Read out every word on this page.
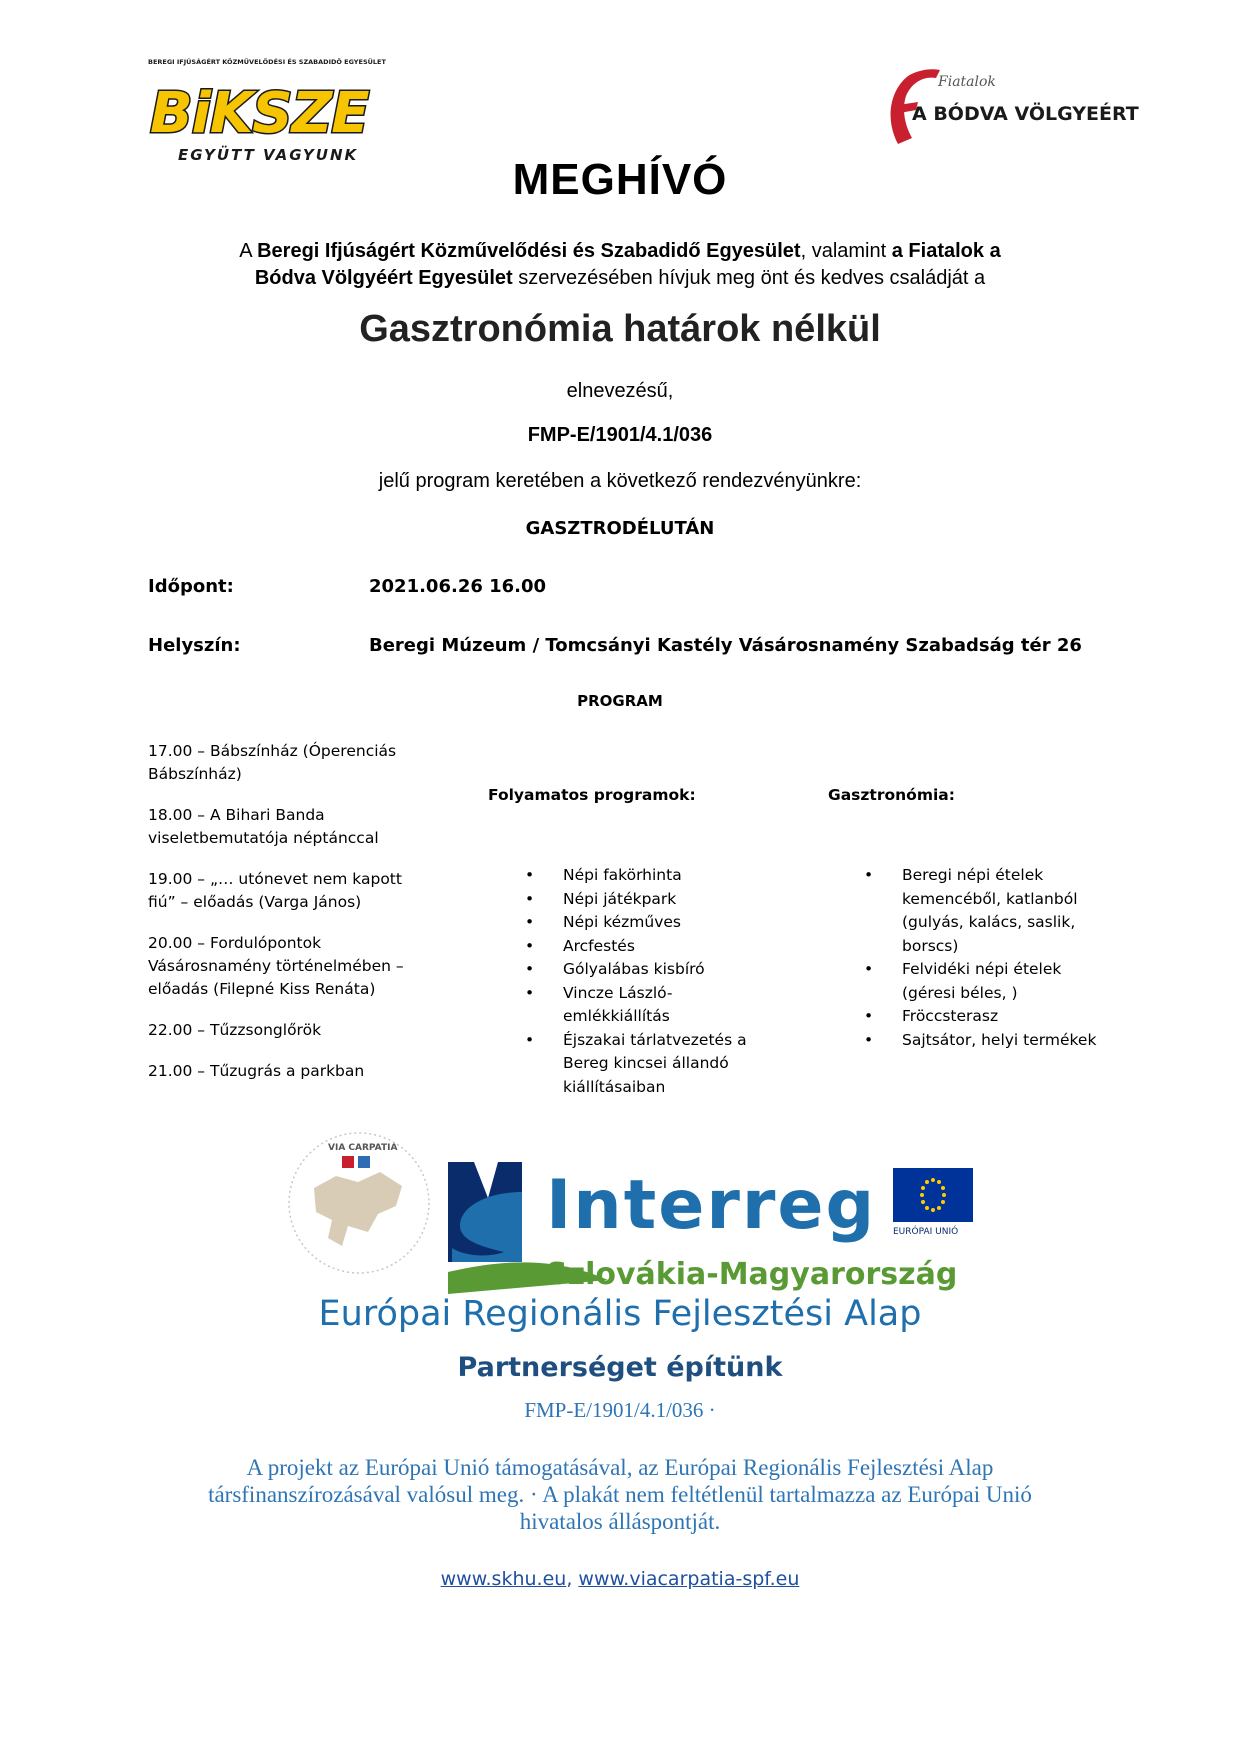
BEREGI IFJÚSÁGÉRT KÖZMŰVELŐDÉSI ÉS SZABADIDŐ EGYESÜLET
BiKSZE
EGYÜTT VAGYUNK
Fiatalok
A BÓDVA VÖLGYEÉRT
MEGHÍVÓ
A Beregi Ifjúságért Közművelődési és Szabadidő Egyesület, valamint a Fiatalok a
Bódva Völgyéért Egyesület szervezésében hívjuk meg önt és kedves családját a
Gasztronómia határok nélkül
elnevezésű,
FMP-E/1901/4.1/036
jelű program keretében a következő rendezvényünkre:
GASZTRODÉLUTÁN
Időpont:	2021.06.26 16.00
Helyszín:	Beregi Múzeum / Tomcsányi Kastély Vásárosnamény Szabadság tér 26
PROGRAM
17.00 – Bábszínház (Óperenciás Bábszínház)
18.00 – A Bihari Banda viseletbemutatója néptánccal
19.00 – „… utónevet nem kapott fiú” – előadás (Varga János)
20.00 – Fordulópontok Vásárosnamény történelmében – előadás (Filepné Kiss Renáta)
22.00 – Tűzzsonglőrök
21.00 – Tűzugrás a parkban
Folyamatos programok:	Gasztronómia:
• Népi fakörhinta
• Népi játékpark
• Népi kézműves
• Arcfestés
• Gólyalábas kisbíró
• Vincze László-emlékkiállítás
• Éjszakai tárlatvezetés a Bereg kincsei állandó kiállításaiban
• Beregi népi ételek kemencéből, katlanból (gulyás, kalács, saslik, borscs)
• Felvidéki népi ételek (géresi béles, )
• Fröccsterasz
• Sajtsátor, helyi termékek
VIA CARPATIA
Interreg
Szlovákia-Magyarország
EURÓPAI UNIÓ
Európai Regionális Fejlesztési Alap
Partnerséget építünk
FMP-E/1901/4.1/036 ·
A projekt az Európai Unió támogatásával, az Európai Regionális Fejlesztési Alap társfinanszírozásával valósul meg. · A plakát nem feltétlenül tartalmazza az Európai Unió hivatalos álláspontját.
www.skhu.eu, www.viacarpatia-spf.eu
